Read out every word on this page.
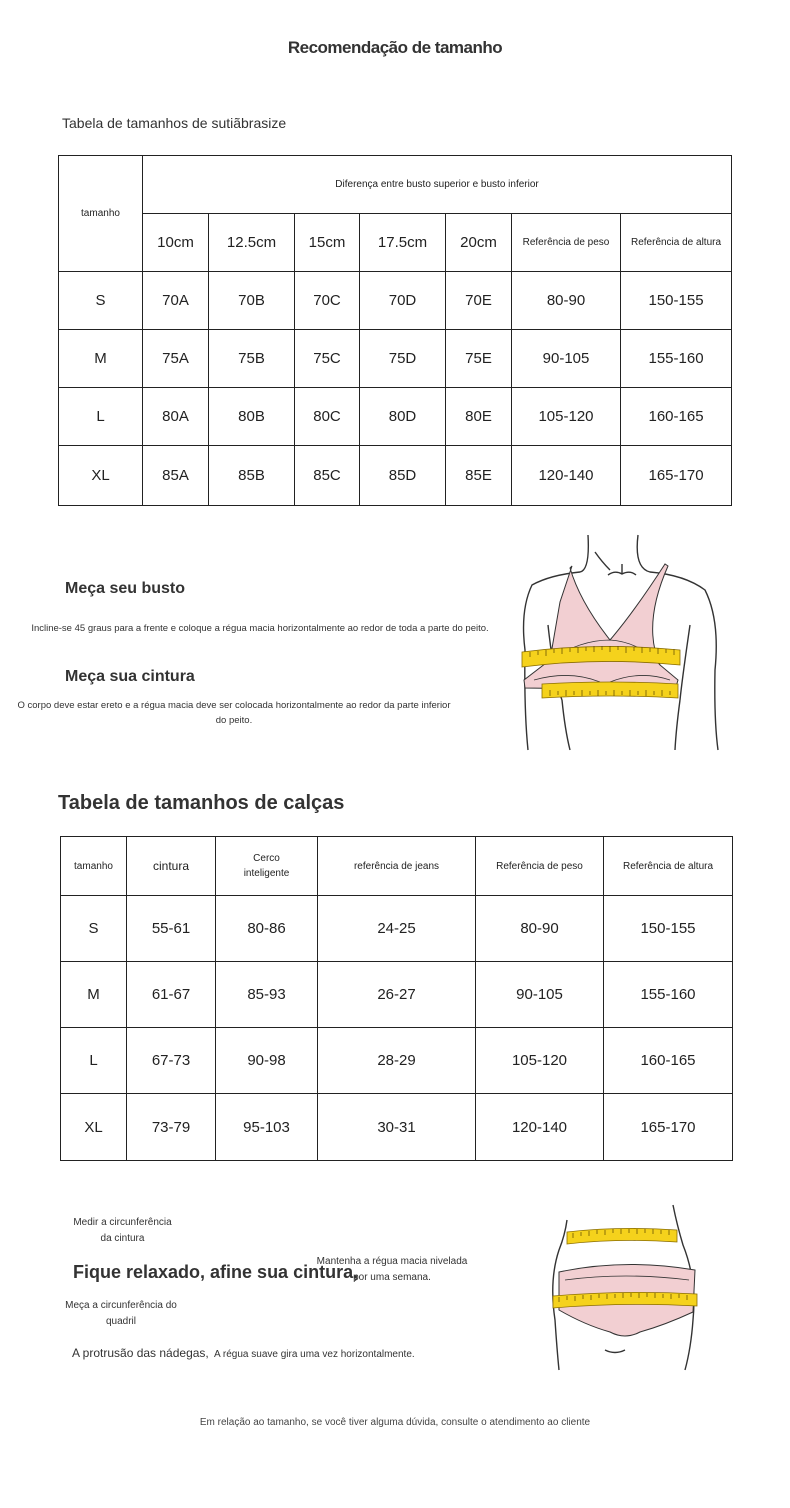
Recomendação de tamanho
Tabela de tamanhos de sutiãbrasize
tamanho	Diferença entre busto superior e busto inferior						
	10cm	12.5cm	15cm	17.5cm	20cm	Referência de peso	Referência de altura
S	70A	70B	70C	70D	70E	80-90	150-155
M	75A	75B	75C	75D	75E	90-105	155-160
L	80A	80B	80C	80D	80E	105-120	160-165
XL	85A	85B	85C	85D	85E	120-140	165-170
Meça seu busto
Incline-se 45 graus para a frente e coloque a régua macia horizontalmente ao redor de toda a parte do peito.
Meça sua cintura
O corpo deve estar ereto e a régua macia deve ser colocada horizontalmente ao redor da parte inferior do peito.
Tabela de tamanhos de calças
tamanho	cintura	Cerco inteligente	referência de jeans	Referência de peso	Referência de altura
S	55-61	80-86	24-25	80-90	150-155
M	61-67	85-93	26-27	90-105	155-160
L	67-73	90-98	28-29	105-120	160-165
XL	73-79	95-103	30-31	120-140	165-170
Medir a circunferência da cintura
Fique relaxado, afine sua cintura,
Mantenha a régua macia nivelada por uma semana.
Meça a circunferência do quadril
A protrusão das nádegas, A régua suave gira uma vez horizontalmente.
Em relação ao tamanho, se você tiver alguma dúvida, consulte o atendimento ao cliente
